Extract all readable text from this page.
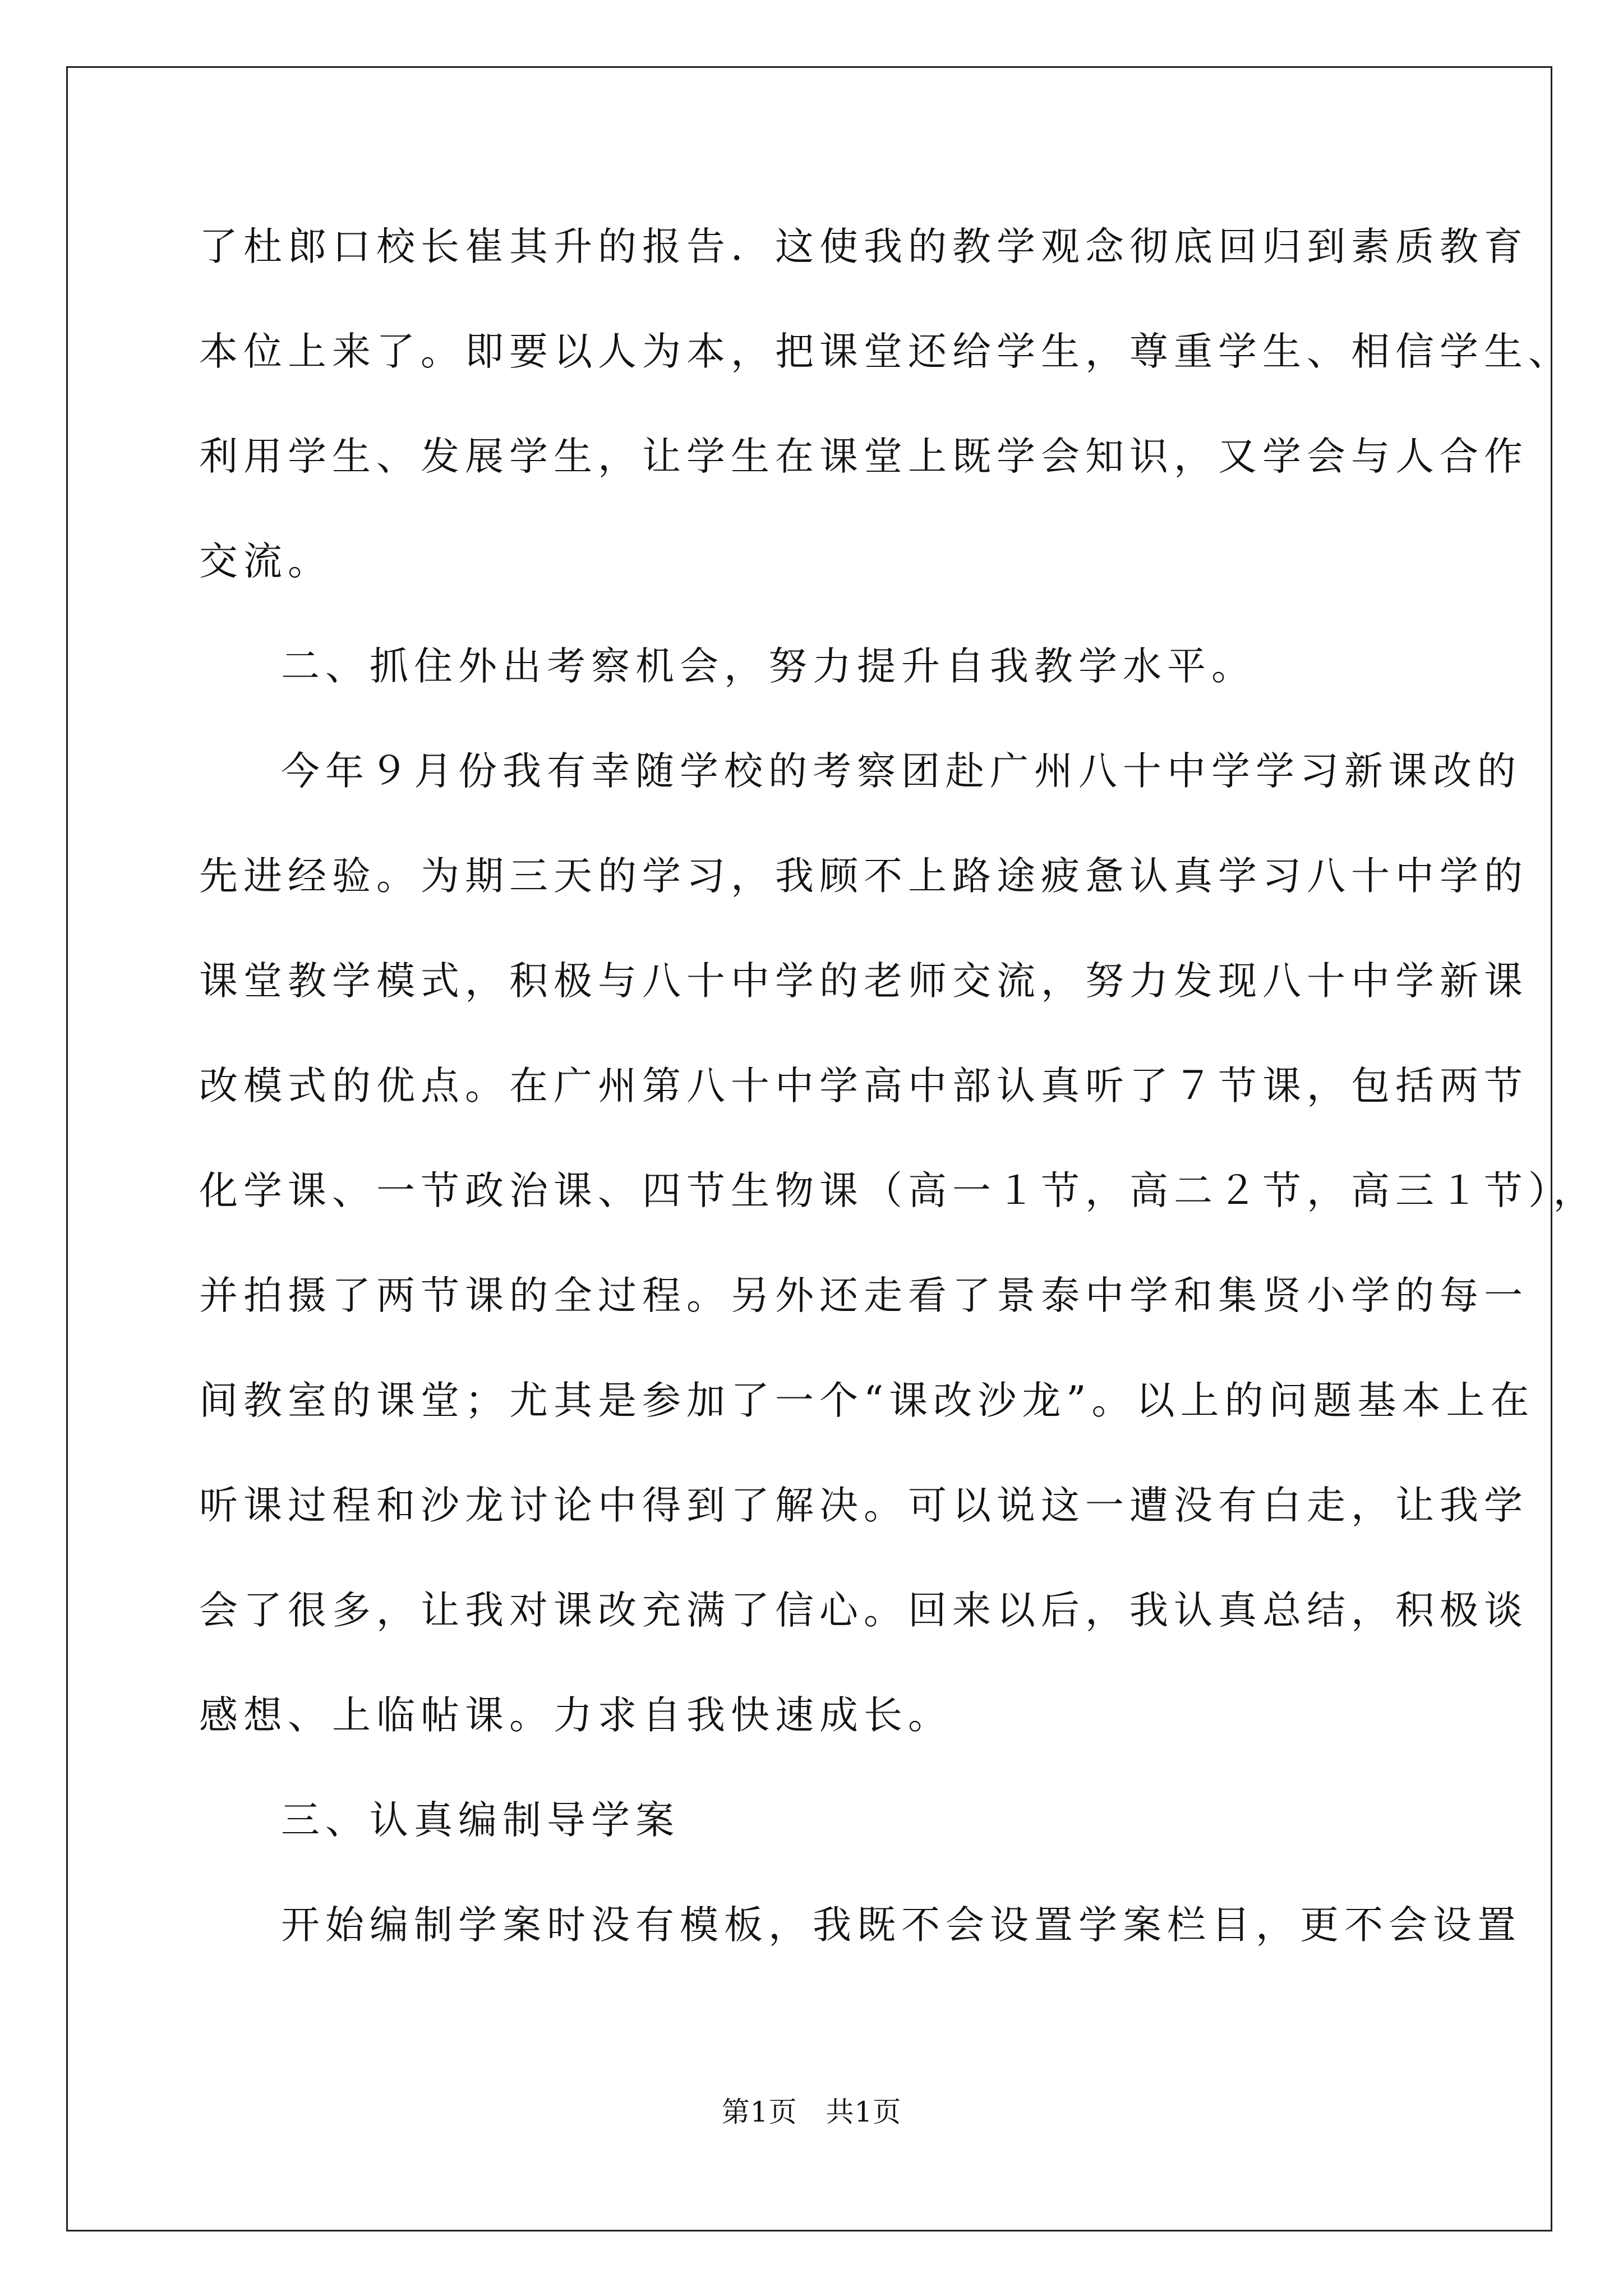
了杜郎口校长崔其升的报告．这使我的教学观念彻底回归到素质教育
本位上来了。即要以人为本，把课堂还给学生，尊重学生、相信学生、
利用学生、发展学生，让学生在课堂上既学会知识，又学会与人合作
交流。
二、抓住外出考察机会，努力提升自我教学水平。
今年９月份我有幸随学校的考察团赴广州八十中学学习新课改的
先进经验。为期三天的学习，我顾不上路途疲惫认真学习八十中学的
课堂教学模式，积极与八十中学的老师交流，努力发现八十中学新课
改模式的优点。在广州第八十中学高中部认真听了７节课，包括两节
化学课、一节政治课、四节生物课（高一１节，高二２节，高三１节），
并拍摄了两节课的全过程。另外还走看了景泰中学和集贤小学的每一
间教室的课堂；尤其是参加了一个“课改沙龙”。以上的问题基本上在
听课过程和沙龙讨论中得到了解决。可以说这一遭没有白走，让我学
会了很多，让我对课改充满了信心。回来以后，我认真总结，积极谈
感想、上临帖课。力求自我快速成长。
三、认真编制导学案
开始编制学案时没有模板，我既不会设置学案栏目，更不会设置
第1页　共1页
